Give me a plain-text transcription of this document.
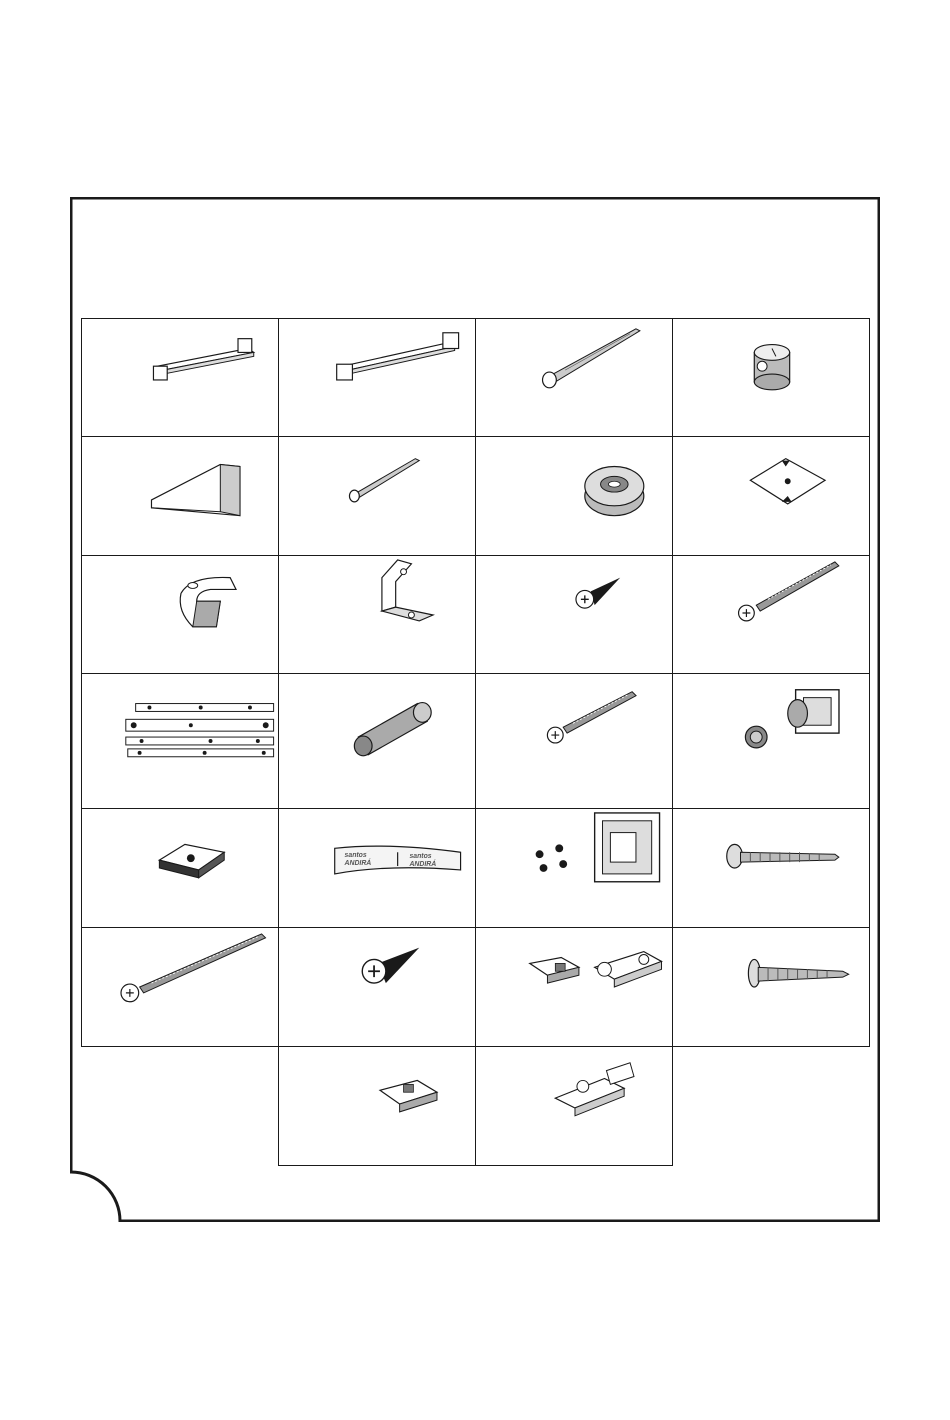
santos
ANDIRÁ
santos
ANDIRÁ
